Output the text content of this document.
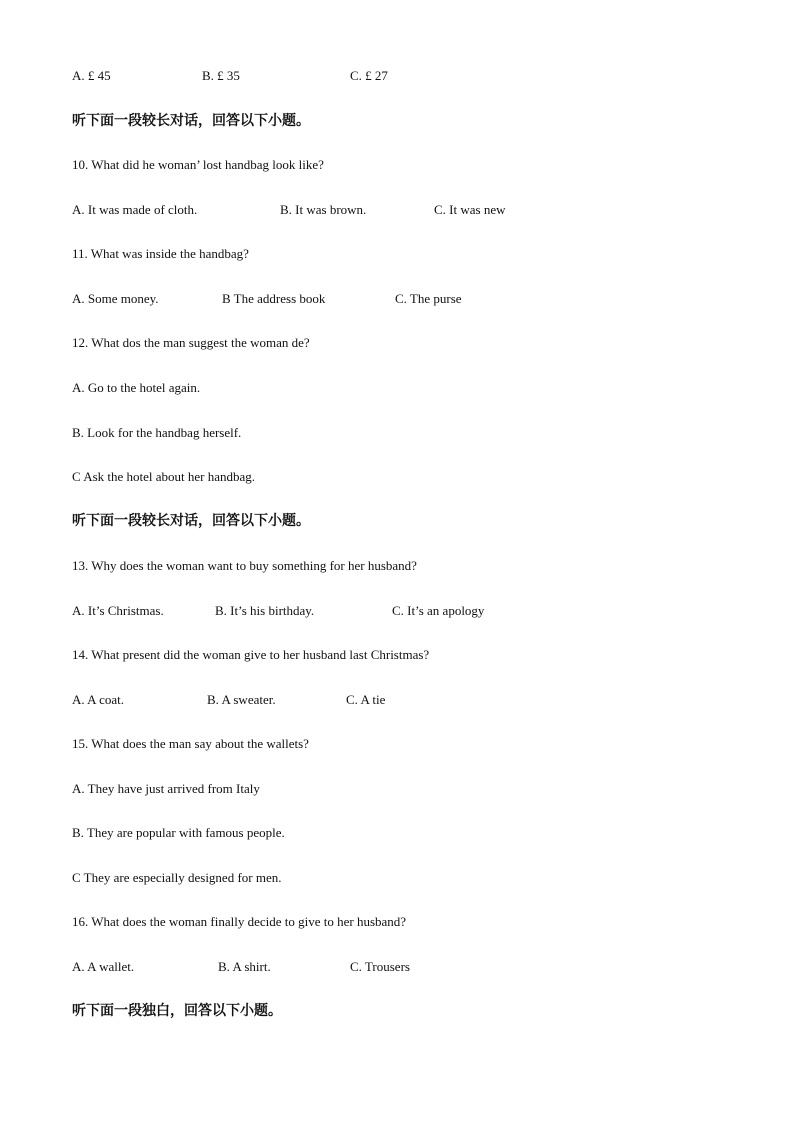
A. £ 45	B. £ 35	C. £ 27
听下面一段较长对话，回答以下小题。
10. What did he woman’ lost handbag look like?
A. It was made of cloth.	B. It was brown.	C. It was new
11. What was inside the handbag?
A. Some money.	B The address book	C. The purse
12. What dos the man suggest the woman de?
A. Go to the hotel again.
B. Look for the handbag herself.
C Ask the hotel about her handbag.
听下面一段较长对话，回答以下小题。
13. Why does the woman want to buy something for her husband?
A. It’s Christmas.	B. It’s his birthday.	C. It’s an apology
14. What present did the woman give to her husband last Christmas?
A. A coat.	B. A sweater.	C. A tie
15. What does the man say about the wallets?
A. They have just arrived from Italy
B. They are popular with famous people.
C They are especially designed for men.
16. What does the woman finally decide to give to her husband?
A. A wallet.	B. A shirt.	C. Trousers
听下面一段独白，回答以下小题。
